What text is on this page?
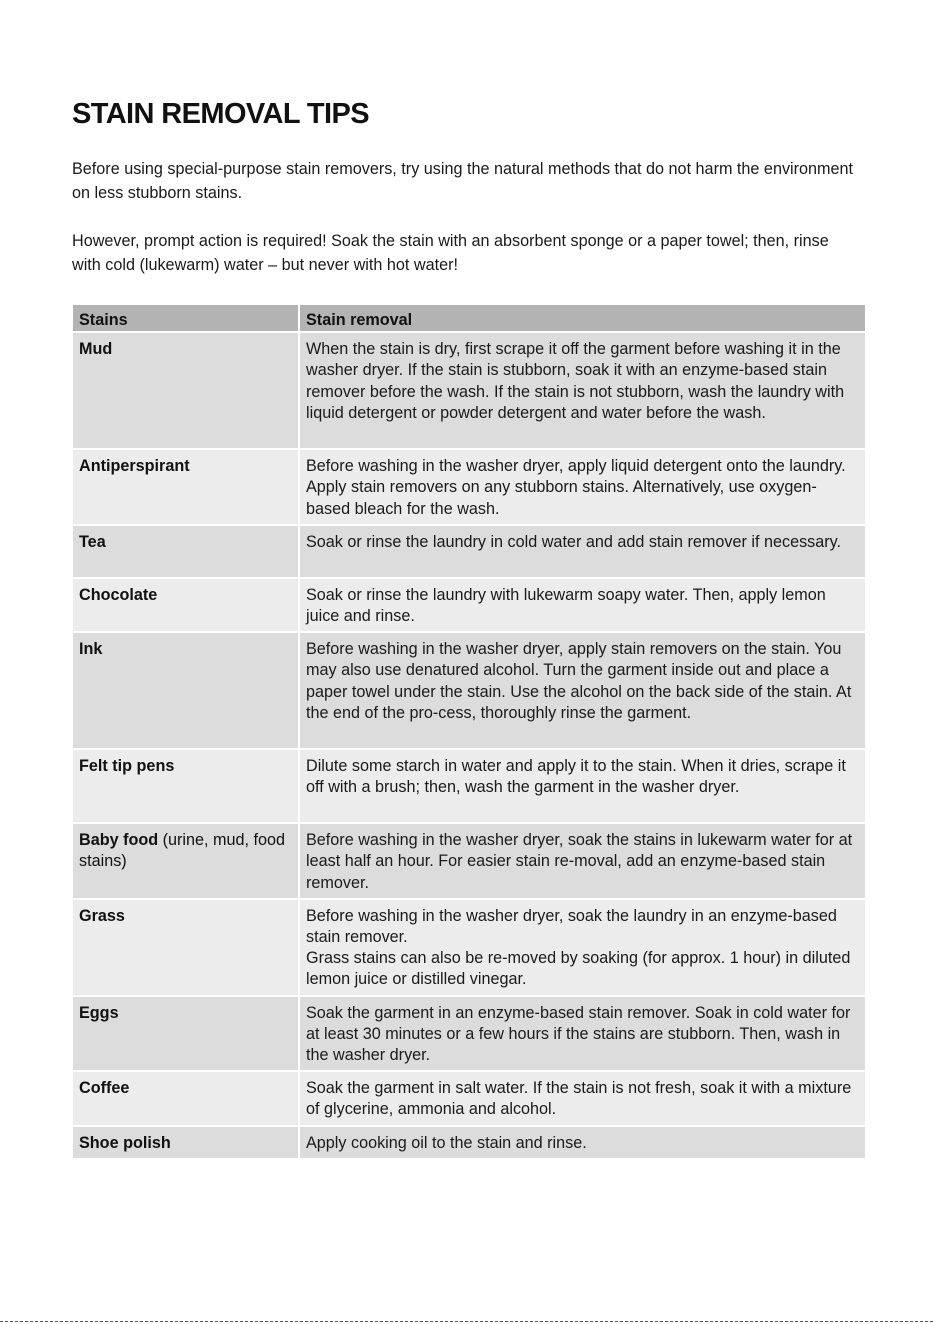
STAIN REMOVAL TIPS

Before using special-purpose stain removers, try using the natural methods that do not harm the environment on less stubborn stains.

However, prompt action is required! Soak the stain with an absorbent sponge or a paper towel; then, rinse with cold (lukewarm) water – but never with hot water!

Stains	Stain removal
Mud	When the stain is dry, first scrape it off the garment before washing it in the washer dryer. If the stain is stubborn, soak it with an enzyme-based stain remover before the wash. If the stain is not stubborn, wash the laundry with liquid detergent or powder detergent and water before the wash.
Antiperspirant	Before washing in the washer dryer, apply liquid detergent onto the laundry. Apply stain removers on any stubborn stains. Alternatively, use oxygen-based bleach for the wash.
Tea	Soak or rinse the laundry in cold water and add stain remover if necessary.
Chocolate	Soak or rinse the laundry with lukewarm soapy water. Then, apply lemon juice and rinse.
Ink	Before washing in the washer dryer, apply stain removers on the stain. You may also use denatured alcohol. Turn the garment inside out and place a paper towel under the stain. Use the alcohol on the back side of the stain. At the end of the pro-cess, thoroughly rinse the garment.
Felt tip pens	Dilute some starch in water and apply it to the stain. When it dries, scrape it off with a brush; then, wash the garment in the washer dryer.
Baby food (urine, mud, food stains)	Before washing in the washer dryer, soak the stains in lukewarm water for at least half an hour. For easier stain re-moval, add an enzyme-based stain remover.
Grass	Before washing in the washer dryer, soak the laundry in an enzyme-based stain remover.
Grass stains can also be re-moved by soaking (for approx. 1 hour) in diluted lemon juice or distilled vinegar.

Eggs	Soak the garment in an enzyme-based stain remover. Soak in cold water for at least 30 minutes or a few hours if the stains are stubborn. Then, wash in the washer dryer.
Coffee	Soak the garment in salt water. If the stain is not fresh, soak it with a mixture of glycerine, ammonia and alcohol.
Shoe polish	Apply cooking oil to the stain and rinse.
